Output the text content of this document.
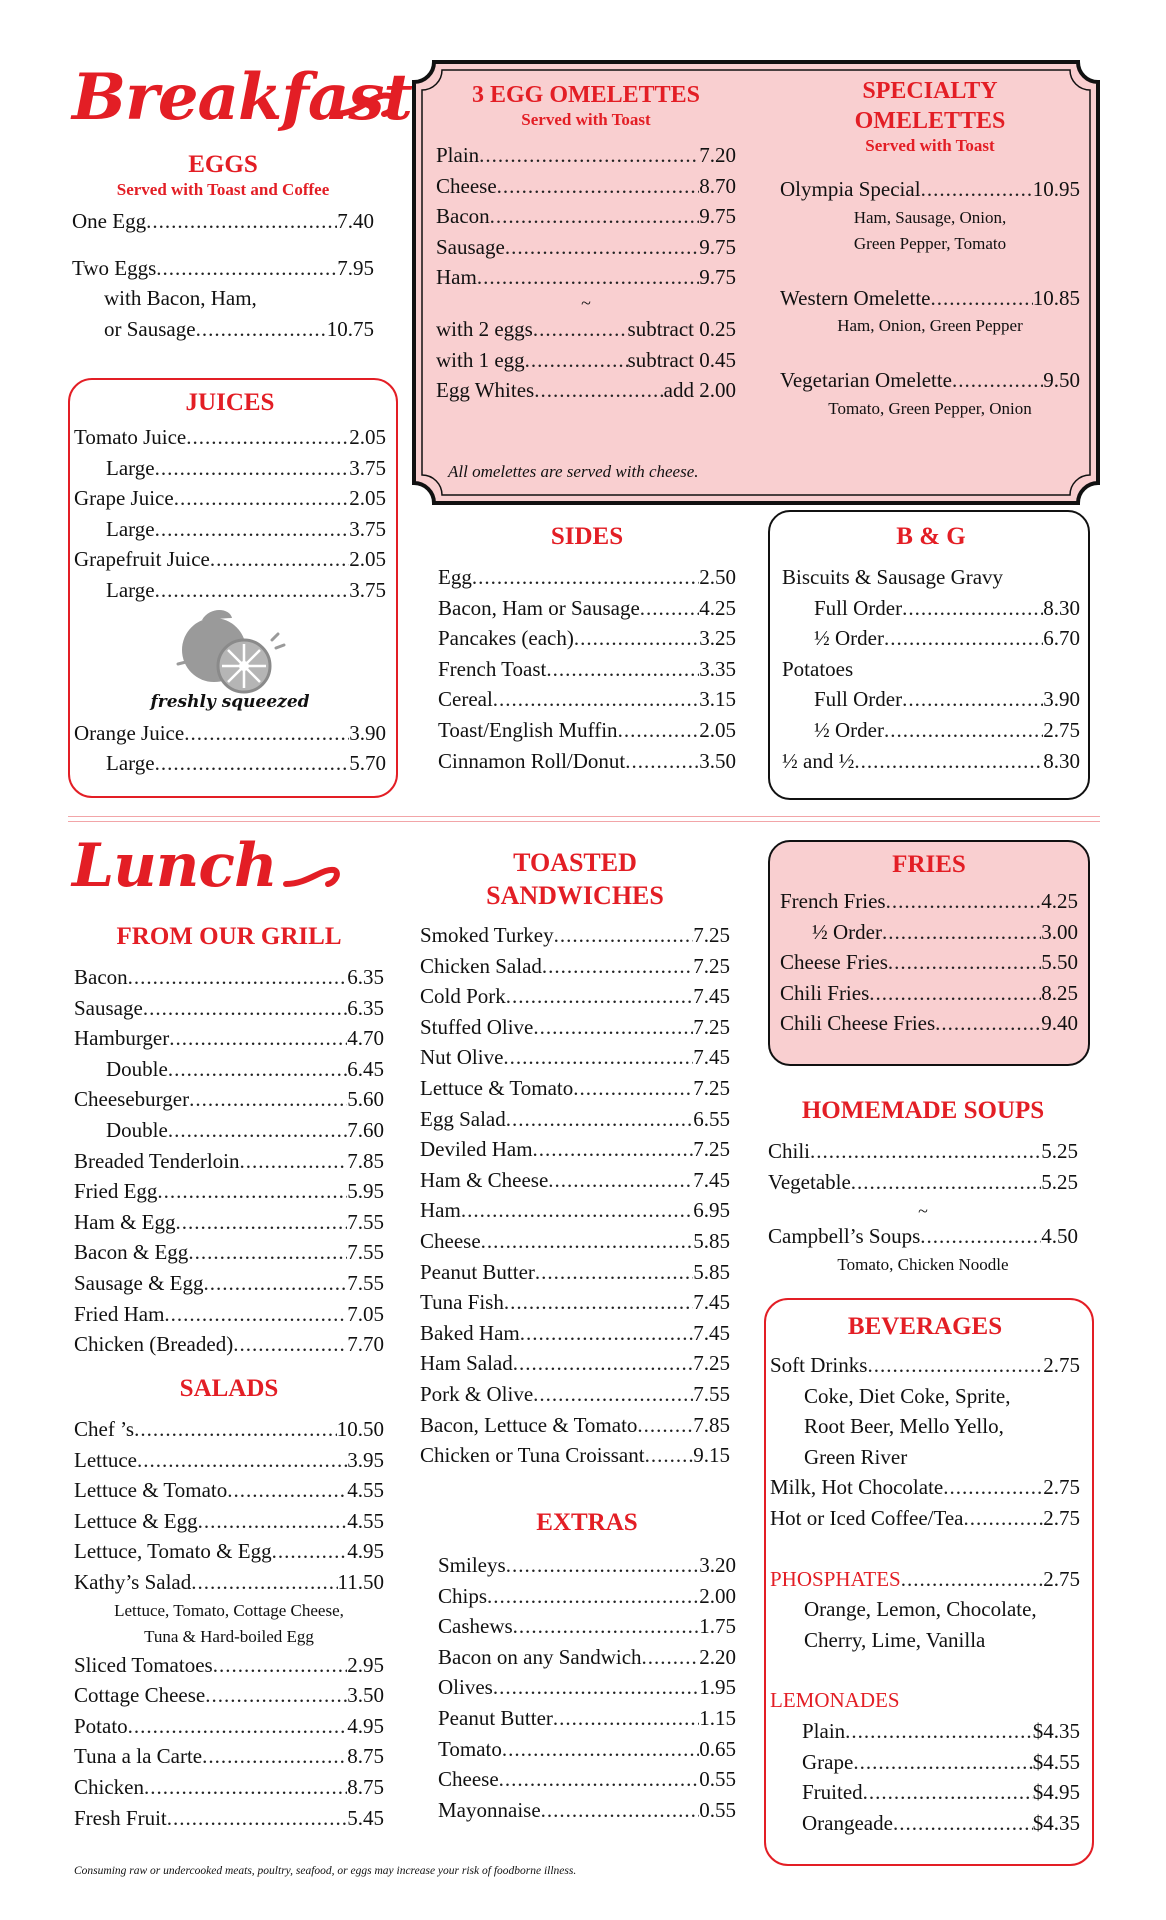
Breakfast
EGGS
Served with Toast and Coffee
One Egg .....	7.40
Two Eggs .....	7.95
with Bacon, Ham,
or Sausage .....	10.75
JUICES
Tomato Juice .....	2.05
Large .....	3.75
Grape Juice .....	2.05
Large .....	3.75
Grapefruit Juice .....	2.05
Large .....	3.75
freshly squeezed
Orange Juice .....	3.90
Large .....	5.70
3 EGG OMELETTES
Served with Toast
Plain .....	7.20
Cheese .....	8.70
Bacon .....	9.75
Sausage .....	9.75
Ham .....	9.75
~
with 2 eggs .....	subtract 0.25
with 1 egg .....	subtract 0.45
Egg Whites .....	add 2.00
All omelettes are served with cheese.
SPECIALTY
OMELETTES
Served with Toast
Olympia Special .....	10.95
Ham, Sausage, Onion,
Green Pepper, Tomato
Western Omelette .....	10.85
Ham, Onion, Green Pepper
Vegetarian Omelette .....	9.50
Tomato, Green Pepper, Onion
SIDES
Egg .....	2.50
Bacon, Ham or Sausage .....	4.25
Pancakes (each) .....	3.25
French Toast .....	3.35
Cereal .....	3.15
Toast/English Muffin .....	2.05
Cinnamon Roll/Donut .....	3.50
B & G
Biscuits & Sausage Gravy
Full Order .....	8.30
½ Order .....	6.70
Potatoes
Full Order .....	3.90
½ Order .....	2.75
½ and ½ .....	8.30
Lunch
FROM OUR GRILL
Bacon .....	6.35
Sausage .....	6.35
Hamburger .....	4.70
Double .....	6.45
Cheeseburger .....	5.60
Double .....	7.60
Breaded Tenderloin .....	7.85
Fried Egg .....	5.95
Ham & Egg .....	7.55
Bacon & Egg .....	7.55
Sausage & Egg .....	7.55
Fried Ham .....	7.05
Chicken (Breaded) .....	7.70
SALADS
Chef ’s .....	10.50
Lettuce .....	3.95
Lettuce & Tomato .....	4.55
Lettuce & Egg .....	4.55
Lettuce, Tomato & Egg .....	4.95
Kathy’s Salad .....	11.50
Lettuce, Tomato, Cottage Cheese,
Tuna & Hard-boiled Egg
Sliced Tomatoes .....	2.95
Cottage Cheese .....	3.50
Potato .....	4.95
Tuna a la Carte .....	8.75
Chicken .....	8.75
Fresh Fruit .....	5.45
TOASTED
SANDWICHES
Smoked Turkey .....	7.25
Chicken Salad .....	7.25
Cold Pork .....	7.45
Stuffed Olive .....	7.25
Nut Olive .....	7.45
Lettuce & Tomato .....	7.25
Egg Salad .....	6.55
Deviled Ham .....	7.25
Ham & Cheese .....	7.45
Ham .....	6.95
Cheese .....	5.85
Peanut Butter .....	5.85
Tuna Fish .....	7.45
Baked Ham .....	7.45
Ham Salad .....	7.25
Pork & Olive .....	7.55
Bacon, Lettuce & Tomato .....	7.85
Chicken or Tuna Croissant ..... 9.15
EXTRAS
Smileys .....	3.20
Chips .....	2.00
Cashews .....	1.75
Bacon on any Sandwich .....	2.20
Olives .....	1.95
Peanut Butter .....	1.15
Tomato .....	0.65
Cheese .....	0.55
Mayonnaise .....	0.55
FRIES
French Fries .....	4.25
½ Order .....	3.00
Cheese Fries .....	5.50
Chili Fries .....	8.25
Chili Cheese Fries .....	9.40
HOMEMADE SOUPS
Chili .....	5.25
Vegetable .....	5.25
~
Campbell’s Soups .....	4.50
Tomato, Chicken Noodle
BEVERAGES
Soft Drinks .....	2.75
Coke, Diet Coke, Sprite,
Root Beer, Mello Yello,
Green River
Milk, Hot Chocolate .....	2.75
Hot or Iced Coffee/Tea .....	2.75
PHOSPHATES .....	2.75
Orange, Lemon, Chocolate,
Cherry, Lime, Vanilla
LEMONADES
Plain .....	$4.35
Grape .....	$4.55
Fruited .....	$4.95
Orangeade .....	$4.35
Consuming raw or undercooked meats, poultry, seafood, or eggs may increase your risk of foodborne illness.
